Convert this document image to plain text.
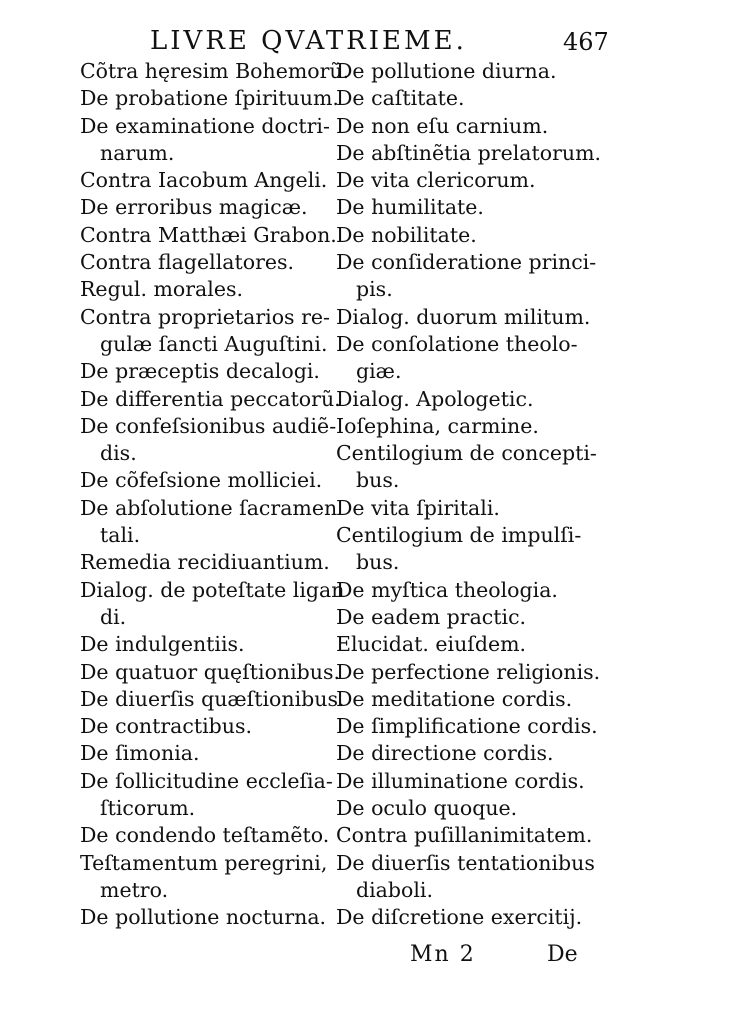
LIVRE QVATRIEME.	467
Cõtra hęresim Bohemorũ.
De probatione ſpirituum.
De examinatione doctri-
narum.
Contra Iacobum Angeli.
De erroribus magicæ.
Contra Matthæi Grabon.
Contra flagellatores.
Regul. morales.
Contra proprietarios re-
gulæ ſancti Auguſtini.
De præceptis decalogi.
De differentia peccatorũ.
De confeſsionibus audiẽ-
dis.
De cõfeſsione molliciei.
De abſolutione ſacramen
tali.
Remedia recidiuantium.
Dialog. de poteſtate ligan
di.
De indulgentiis.
De quatuor quęſtionibus.
De diuerſis quæſtionibus.
De contractibus.
De ſimonia.
De ſollicitudine eccleſia-
ſticorum.
De condendo teſtamẽto.
Teſtamentum peregrini,
metro.
De pollutione nocturna.
De pollutione diurna.
De caſtitate.
De non eſu carnium.
De abſtinẽtia prelatorum.
De vita clericorum.
De humilitate.
De nobilitate.
De conſideratione princi-
pis.
Dialog. duorum militum.
De conſolatione theolo-
giæ.
Dialog. Apologetic.
Ioſephina, carmine.
Centilogium de concepti-
bus.
De vita ſpiritali.
Centilogium de impulſi-
bus.
De myſtica theologia.
De eadem practic.
Elucidat. eiuſdem.
De perfectione religionis.
De meditatione cordis.
De ſimplificatione cordis.
De directione cordis.
De illuminatione cordis.
De oculo quoque.
Contra puſillanimitatem.
De diuerſis tentationibus
diaboli.
De diſcretione exercitij.
Mn 2	De
